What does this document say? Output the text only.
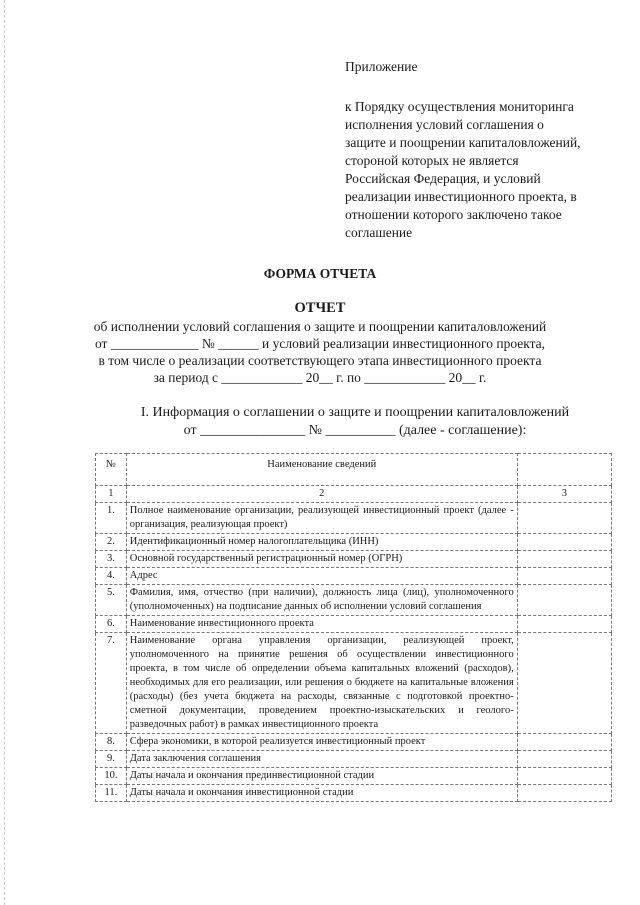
Приложение

к Порядку осуществления мониторинга
исполнения условий соглашения о
защите и поощрении капиталовложений,
стороной которых не является
Российская Федерация, и условий
реализации инвестиционного проекта, в
отношении которого заключено такое
соглашение

ФОРМА ОТЧЕТА
ОТЧЕТ
об исполнении условий соглашения о защите и поощрении капиталовложений
от _____________ № ______ и условий реализации инвестиционного проекта,
в том числе о реализации соответствующего этапа инвестиционного проекта
за период с ____________ 20__ г. по ____________ 20__ г.
I. Информация о соглашении о защите и поощрении капиталовложений
от _______________ № __________ (далее - соглашение):
№	Наименование сведений	
1	2	3
1.	Полное наименование организации, реализующей инвестиционный проект (далее - организация, реализующая проект)	
2.	Идентификационный номер налогоплательщика (ИНН)	
3.	Основной государственный регистрационный номер (ОГРН)	
4.	Адрес	
5.	Фамилия, имя, отчество (при наличии), должность лица (лиц), уполномоченного (уполномоченных) на подписание данных об исполнении условий соглашения	
6.	Наименование инвестиционного проекта	
7.	Наименование органа управления организации, реализующей проект, уполномоченного на принятие решения об осуществлении инвестиционного проекта, в том числе об определении объема капитальных вложений (расходов), необходимых для его реализации, или решения о бюджете на капитальные вложения (расходы) (без учета бюджета на расходы, связанные с подготовкой проектно-сметной документации, проведением проектно-изыскательских и геолого-разведочных работ) в рамках инвестиционного проекта	
8.	Сфера экономики, в которой реализуется инвестиционный проект	
9.	Дата заключения соглашения	
10.	Даты начала и окончания прединвестиционной стадии	
11.	Даты начала и окончания инвестиционной стадии	
